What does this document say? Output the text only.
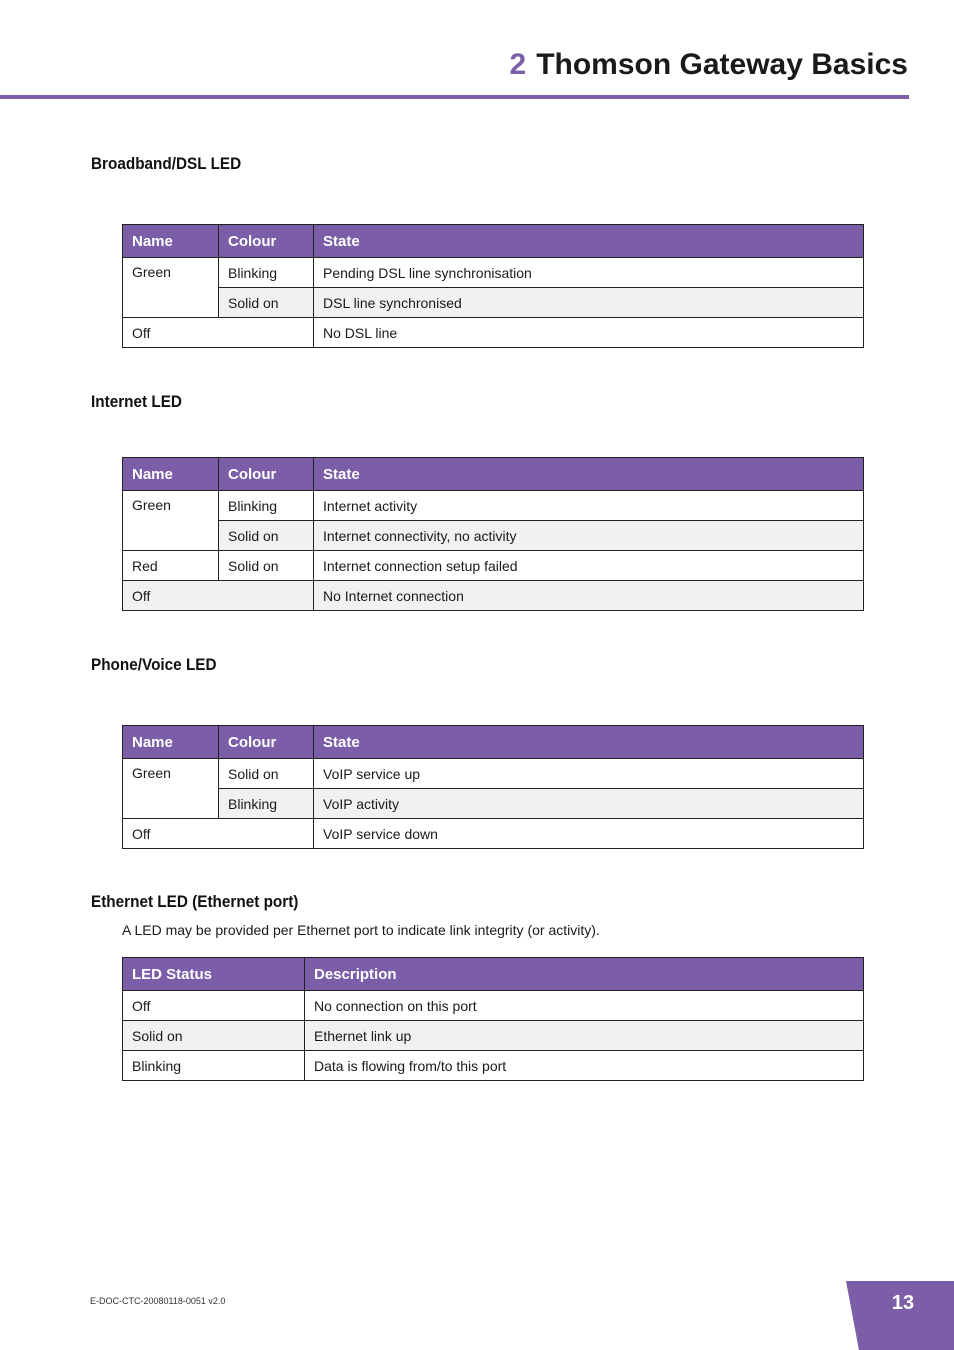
2 Thomson Gateway Basics
Broadband/DSL LED
Name	Colour	State
Green	Blinking	Pending DSL line synchronisation
	Solid on	DSL line synchronised
Off		No DSL line
Internet LED
Name	Colour	State
Green	Blinking	Internet activity
	Solid on	Internet connectivity, no activity
Red	Solid on	Internet connection setup failed
Off		No Internet connection
Phone/Voice LED
Name	Colour	State
Green	Solid on	VoIP service up
	Blinking	VoIP activity
Off		VoIP service down
Ethernet LED (Ethernet port)
A LED may be provided per Ethernet port to indicate link integrity (or activity).
LED Status	Description
Off	No connection on this port
Solid on	Ethernet link up
Blinking	Data is flowing from/to this port
E-DOC-CTC-20080118-0051 v2.0	13
